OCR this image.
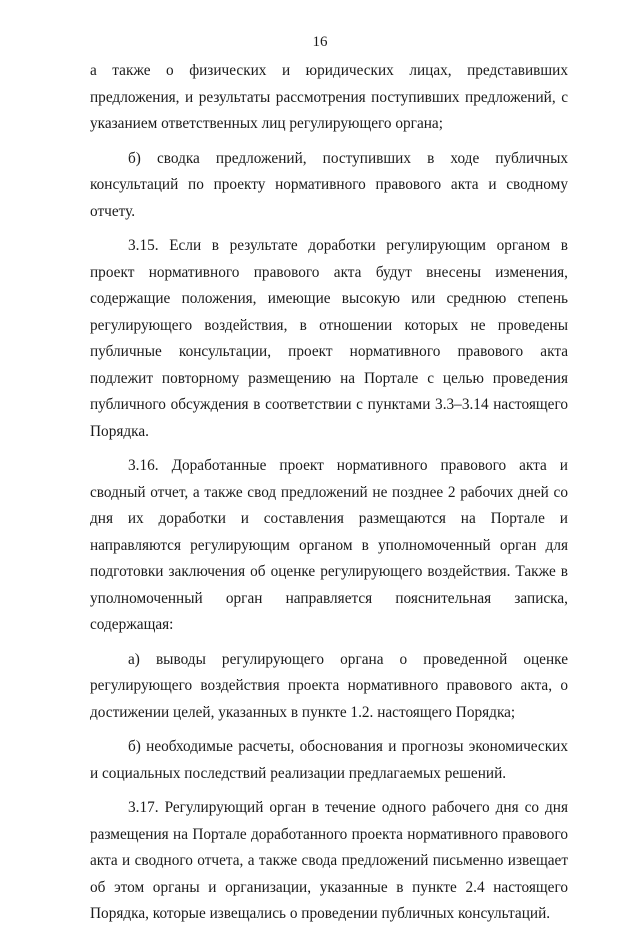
16

а также о физических и юридических лицах, представивших предложения, и результаты рассмотрения поступивших предложений, с указанием ответственных лиц регулирующего органа;

б) сводка предложений, поступивших в ходе публичных консультаций по проекту нормативного правового акта и сводному отчету.

3.15. Если в результате доработки регулирующим органом в проект нормативного правового акта будут внесены изменения, содержащие положения, имеющие высокую или среднюю степень регулирующего воздействия, в отношении которых не проведены публичные консультации, проект нормативного правового акта подлежит повторному размещению на Портале с целью проведения публичного обсуждения в соответствии с пунктами 3.3–3.14 настоящего Порядка.

3.16. Доработанные проект нормативного правового акта и сводный отчет, а также свод предложений не позднее 2 рабочих дней со дня их доработки и составления размещаются на Портале и направляются регулирующим органом в уполномоченный орган для подготовки заключения об оценке регулирующего воздействия. Также в уполномоченный орган направляется пояснительная записка, содержащая:

а) выводы регулирующего органа о проведенной оценке регулирующего воздействия проекта нормативного правового акта, о достижении целей, указанных в пункте 1.2. настоящего Порядка;

б) необходимые расчеты, обоснования и прогнозы экономических и социальных последствий реализации предлагаемых решений.

3.17. Регулирующий орган в течение одного рабочего дня со дня размещения на Портале доработанного проекта нормативного правового акта и сводного отчета, а также свода предложений письменно извещает об этом органы и организации, указанные в пункте 2.4 настоящего Порядка, которые извещались о проведении публичных консультаций.
